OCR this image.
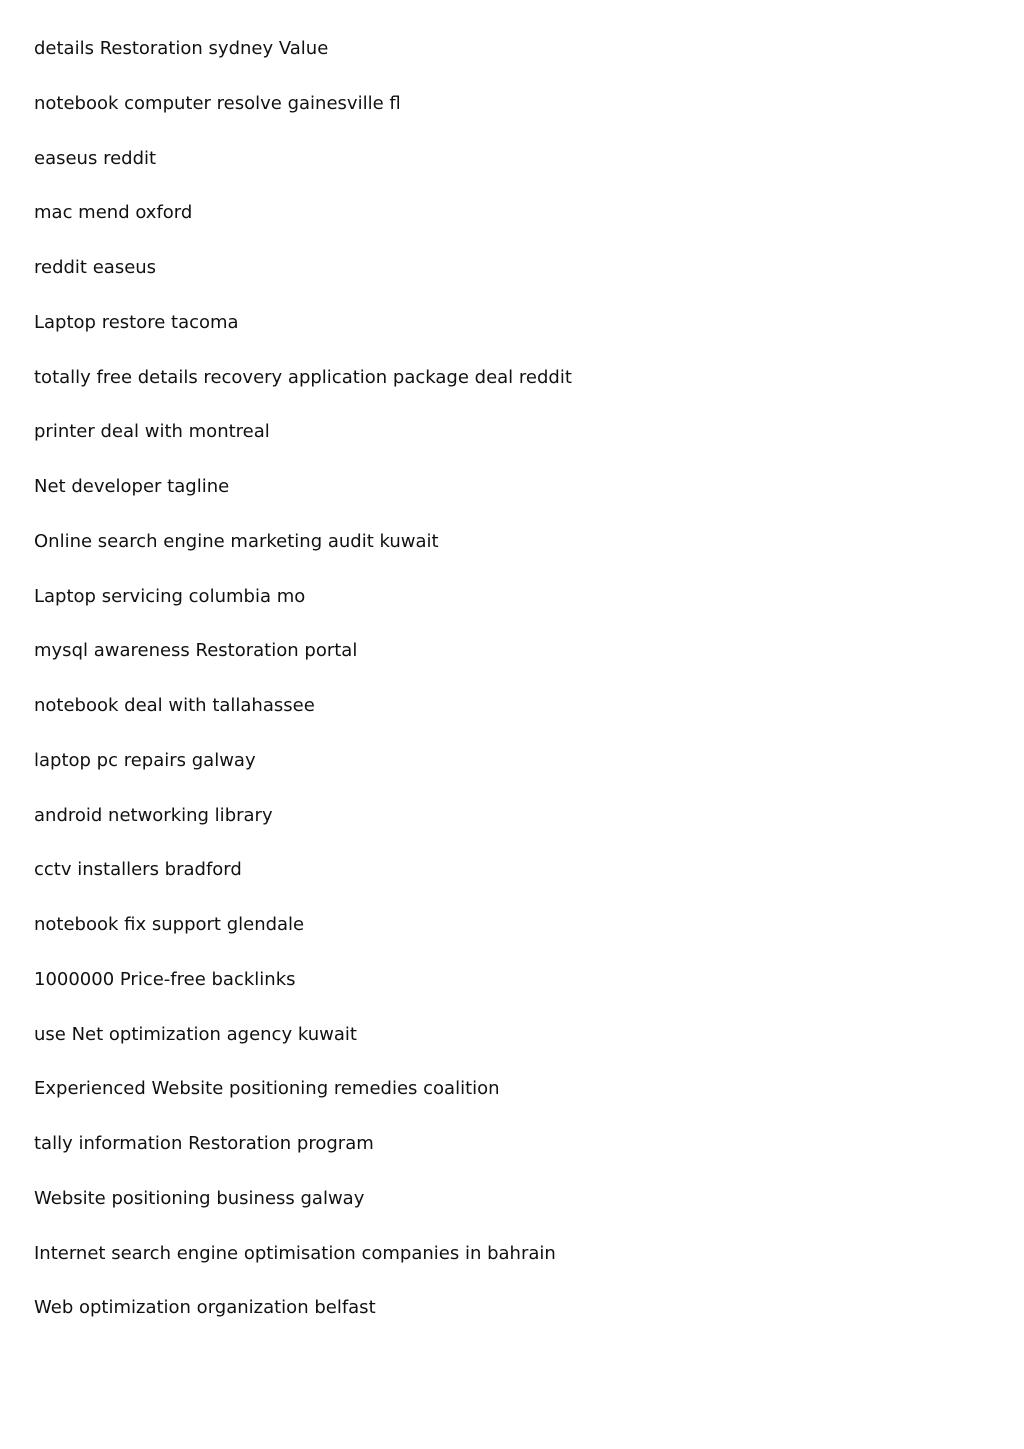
details Restoration sydney Value
notebook computer resolve gainesville fl
easeus reddit
mac mend oxford
reddit easeus
Laptop restore tacoma
totally free details recovery application package deal reddit
printer deal with montreal
Net developer tagline
Online search engine marketing audit kuwait
Laptop servicing columbia mo
mysql awareness Restoration portal
notebook deal with tallahassee
laptop pc repairs galway
android networking library
cctv installers bradford
notebook fix support glendale
1000000 Price-free backlinks
use Net optimization agency kuwait
Experienced Website positioning remedies coalition
tally information Restoration program
Website positioning business galway
Internet search engine optimisation companies in bahrain
Web optimization organization belfast
